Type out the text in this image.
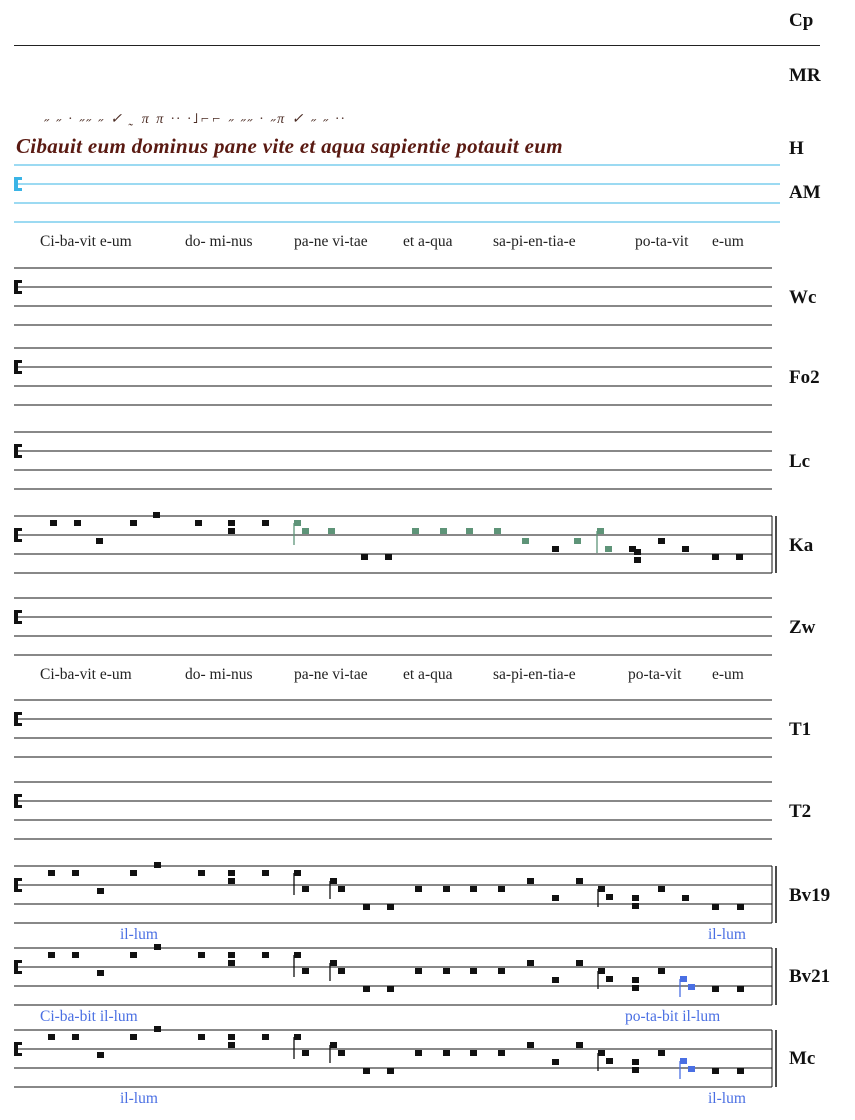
Cp
MR
H
AM
Wc
Fo2
Lc
Ka
Zw
T1
T2
Bv19
Bv21
Mc
˶ ˶ · ˶˶ ˶ ✓ ˷ π π ·· ·˩⌐⌐ ˶ ˶˶ · ˶π ✓ ˶ ˶ ··
Cibauit eum dominus pane vite et aqua sapientie potauit eum
Ci-ba-vit e-um	do- mi-nus	pa-ne vi-tae et a-qua	sa-pi-en-tia-e	po-ta-vit e-um
Ci-ba-vit e-um	do- mi-nus	pa-ne vi-tae et a-qua	sa-pi-en-tia-e	po-ta-vit e-um
il-lum	il-lum
Ci-ba-bit il-lum	po-ta-bit il-lum
il-lum	il-lum
